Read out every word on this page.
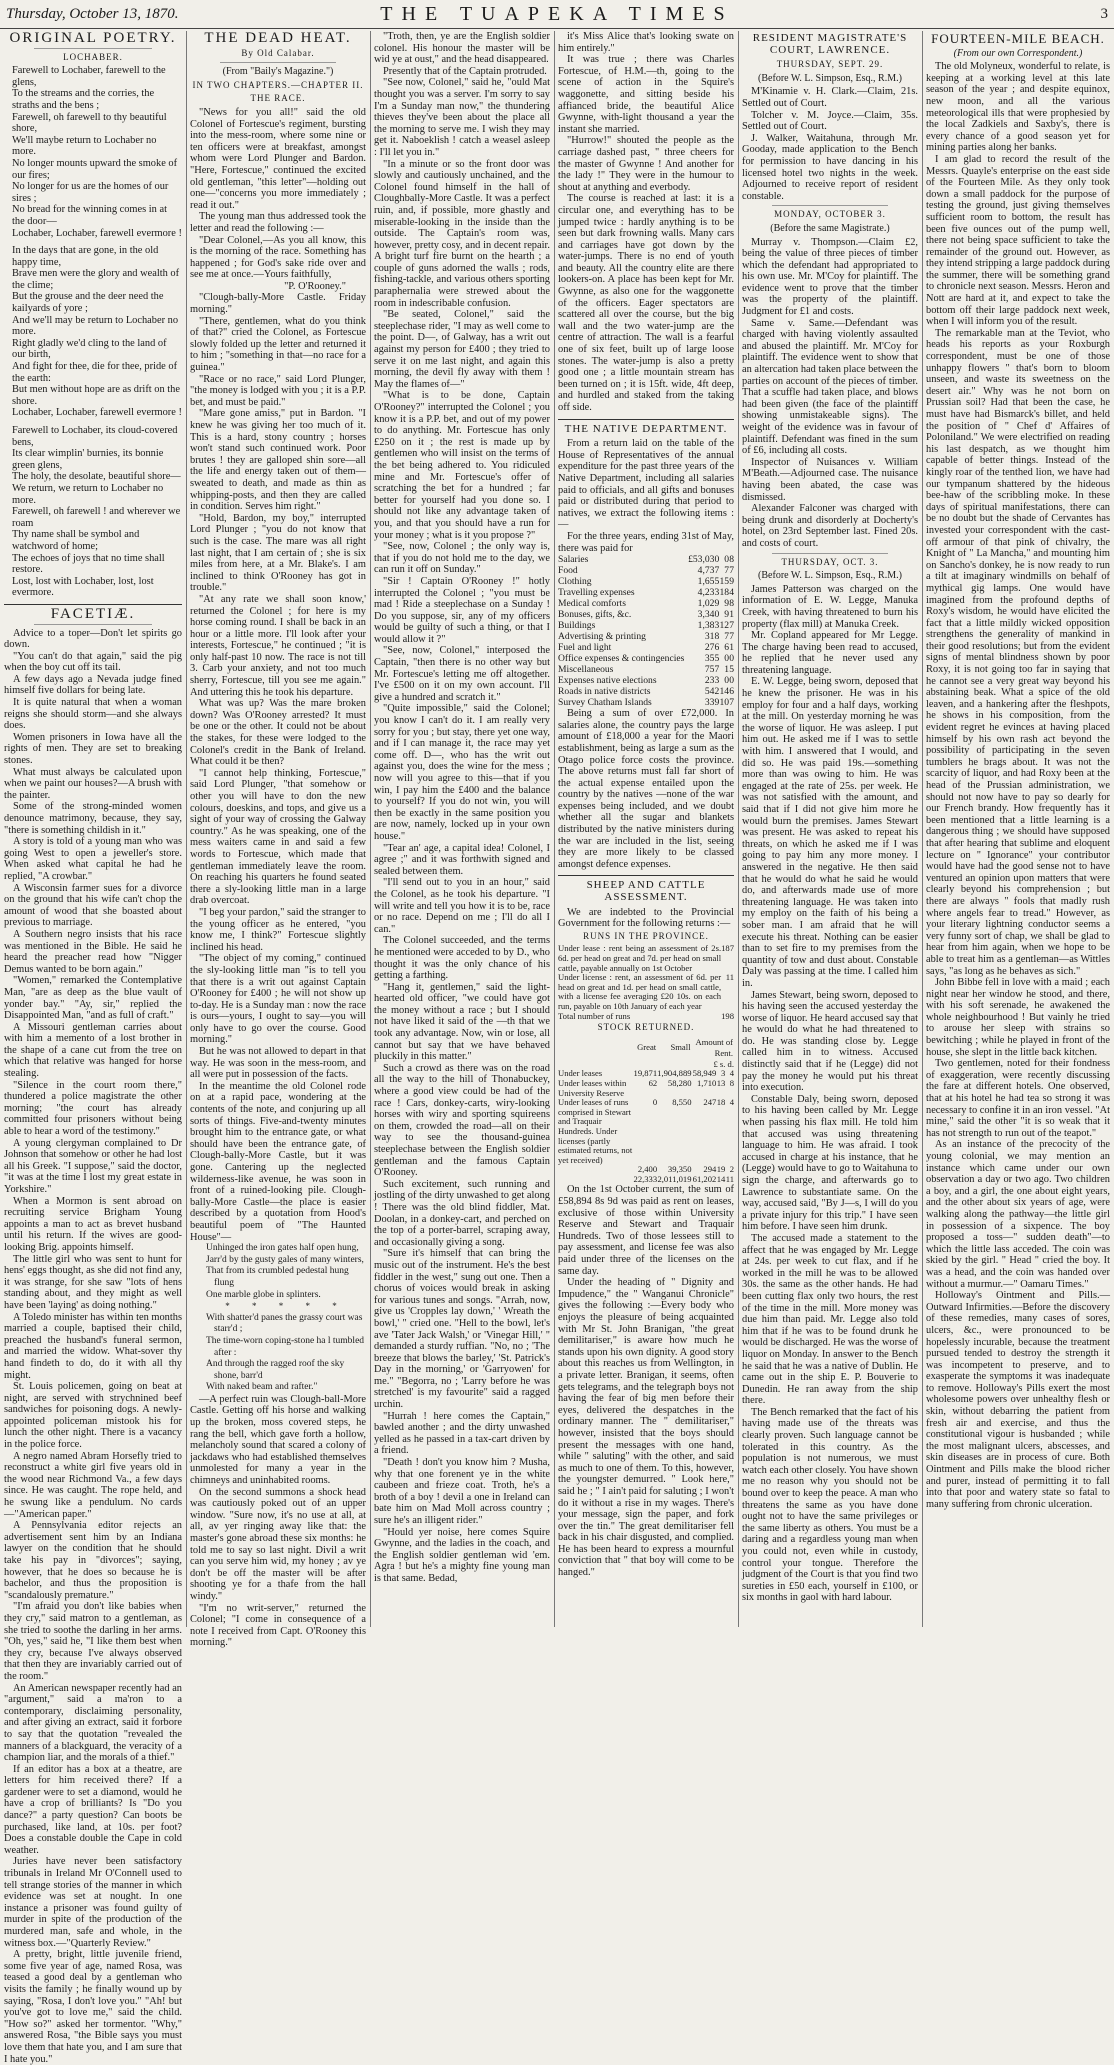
Thursday, October 13, 1870.	THE TUAPEKA TIMES	3
ORIGINAL POETRY.
LOCHABER.

Farewell to Lochaber, farewell to the glens,

To the streams and the corries, the straths and the bens ;

Farewell, oh farewell to thy beautiful shore,

We'll maybe return to Lochaber no more.

No longer mounts upward the smoke of our fires;

No longer for us are the homes of our sires ;

No bread for the winning comes in at the door—

Lochaber, Lochaber, farewell evermore !

In the days that are gone, in the old happy time,

Brave men were the glory and wealth of the clime;

But the grouse and the deer need the kailyards of yore ;

And we'll may be return to Lochaber no more.

Right gladly we'd cling to the land of our birth,

And fight for thee, die for thee, pride of the earth:

But men without hope are as drift on the shore.

Lochaber, Lochaber, farewell evermore !

Farewell to Lochaber, its cloud-covered bens,

Its clear wimplin' burnies, its bonnie green glens,

The holy, the desolate, beautiful shore—

We return, we return to Lochaber no more.

Farewell, oh farewell ! and wherever we roam

Thy name shall be symbol and watchword of home;

The echoes of joys that no time shall restore.

Lost, lost with Lochaber, lost, lost evermore.

FACETIÆ.

Advice to a toper—Don't let spirits go down.

"You can't do that again," said the pig when the boy cut off its tail.

A few days ago a Nevada judge fined himself five dollars for being late.

It is quite natural that when a woman reigns she should storm—and she always does.

Women prisoners in Iowa have all the rights of men. They are set to breaking stones.

What must always be calculated upon when we paint our houses?—A brush with the painter.

Some of the strong-minded women denounce matrimony, because, they say, "there is something childish in it."

A story is told of a young man who was going West to open a jeweller's store. When asked what capital he had he replied, "A crowbar."

A Wisconsin farmer sues for a divorce on the ground that his wife can't chop the amount of wood that she boasted about previous to marriage.

A Southern negro insists that his race was mentioned in the Bible. He said he heard the preacher read how "Nigger Demus wanted to be born again."

"Women," remarked the Contemplative Man, "are as deep as the blue vault of yonder bay." "Ay, sir," replied the Disappointed Man, "and as full of craft."

A Missouri gentleman carries about with him a memento of a lost brother in the shape of a cane cut from the tree on which that relative was hanged for horse stealing.

"Silence in the court room there," thundered a police magistrate the other morning; "the court has already committed four prisoners without being able to hear a word of the testimony."

A young clergyman complained to Dr Johnson that somehow or other he had lost all his Greek. "I suppose," said the doctor, "it was at the time I lost my great estate in Yorkshire."

When a Mormon is sent abroad on recruiting service Brigham Young appoints a man to act as brevet husband until his return. If the wives are good-looking Brig. appoints himself.

The little girl who was sent to hunt for hens' eggs thought, as she did not find any, it was strange, for she saw "lots of hens standing about, and they might as well have been 'laying' as doing nothing."

A Toledo minister has within ten months married a couple, baptised their child, preached the husband's funeral sermon, and married the widow. What-sover thy hand findeth to do, do it with all thy might.

St. Louis policemen, going on beat at night, are served with strychnined beef sandwiches for poisoning dogs. A newly-appointed policeman mistook his for lunch the other night. There is a vacancy in the police force.

A negro named Abram Horsefly tried to reconstruct a white girl five years old in the wood near Richmond Va., a few days since. He was caught. The rope held, and he swung like a pendulum. No cards—"American paper."

A Pennsylvania editor rejects an advertisement sent him by an Indiana lawyer on the condition that he should take his pay in "divorces"; saying, however, that he does so because he is bachelor, and thus the proposition is "scandalously premature."

"I'm afraid you don't like babies when they cry," said matron to a gentleman, as she tried to soothe the darling in her arms. "Oh, yes," said he, "I like them best when they cry, because I've always observed that then they are invariably carried out of the room."

An American newspaper recently had an "argument," said a ma'ron to a contemporary, disclaiming personality, and after giving an extract, said it forbore to say that the quotation "revealed the manners of a blackguard, the veracity of a champion liar, and the morals of a thief."

If an editor has a box at a theatre, are letters for him received there? If a gardener were to set a diamond, would he have a crop of brilliants? Is "Do you dance?" a party question? Can boots be purchased, like land, at 10s. per foot? Does a constable double the Cape in cold weather.

Juries have never been satisfactory tribunals in Ireland Mr O'Connell used to tell strange stories of the manner in which evidence was set at nought. In one instance a prisoner was found guilty of murder in spite of the production of the murdered man, safe and whole, in the witness box.—"Quarterly Review."

A pretty, bright, little juvenile friend, some five year of age, named Rosa, was teased a good deal by a gentleman who visits the family ; he finally wound up by saying, "Rosa, I don't love you." "Ah! but you've got to love me," said the child. "How so?" asked her tormentor. "Why," answered Rosa, "the Bible says you must love them that hate you, and I am sure that I hate you."

THE DEAD HEAT.
By Old Calabar.
(From "Baily's Magazine.")
IN TWO CHAPTERS.—CHAPTER II.
THE RACE.

"News for you all!" said the old Colonel of Fortescue's regiment, bursting into the mess-room, where some nine or ten officers were at breakfast, amongst whom were Lord Plunger and Bardon. "Here, Fortescue," continued the excited old gentleman, "this letter"—holding out one—"concerns you more immediately ; read it out."

The young man thus addressed took the letter and read the following :—

"Dear Colonel,—As you all know, this is the morning of the race. Something has happened ; for God's sake ride over and see me at once.—Yours faithfully,

"P. O'Rooney."

"Clough-bally-More Castle. Friday morning."

"There, gentlemen, what do you think of that?" cried the Colonel, as Fortescue slowly folded up the letter and returned it to him ; "something in that—no race for a guinea."

"Race or no race," said Lord Plunger, "the money is lodged with you ; it is a P.P. bet, and must be paid."

"Mare gone amiss," put in Bardon. "I knew he was giving her too much of it. This is a hard, stony country ; horses won't stand such continued work. Poor brutes ! they are galloped shin sore—all the life and energy taken out of them—sweated to death, and made as thin as whipping-posts, and then they are called in condition. Serves him right."

"Hold, Bardon, my boy," interrupted Lord Plunger ; "you do not know that such is the case. The mare was all right last night, that I am certain of ; she is six miles from here, at a Mr. Blake's. I am inclined to think O'Rooney has got in trouble."

"At any rate we shall soon know,' returned the Colonel ; for here is my horse coming round. I shall be back in an hour or a little more. I'll look after your interests, Fortescue," he continued ; "it is only half-past 10 now. The race is not till 3. Carb your anxiety, and not too much sherry, Fortescue, till you see me again." And uttering this he took his departure.

What was up? Was the mare broken down? Was O'Rooney arrested? It must be one or the other. It could not be about the stakes, for these were lodged to the Colonel's credit in the Bank of Ireland. What could it be then?

"I cannot help thinking, Fortescue," said Lord Plunger, "that somehow or other you will have to don the new colours, doeskins, and tops, and give us a sight of your way of crossing the Galway country." As he was speaking, one of the mess waiters came in and said a few words to Fortescue, which made that gentleman immediately leave the room. On reaching his quarters he found seated there a sly-looking little man in a large drab overcoat.

"I beg your pardon," said the stranger to the young officer as he entered, "you know me, I think?" Fortescue slightly inclined his head.

"The object of my coming," continued the sly-looking little man "is to tell you that there is a writ out against Captain O'Rooney for £400 ; he will not show up to-day. He is a Sunday man : now the race is ours—yours, I ought to say—you will only have to go over the course. Good morning."

But he was not allowed to depart in that way. He was soon in the mess-room, and all were put in possession of the facts.

In the meantime the old Colonel rode on at a rapid pace, wondering at the contents of the note, and conjuring up all sorts of things. Five-and-twenty minutes brought him to the entrance gate, or what should have been the entrance gate, of Clough-bally-More Castle, but it was gone. Cantering up the neglected wilderness-like avenue, he was soon in front of a ruined-looking pile. Clough-bally-More Castle—the place is easier described by a quotation from Hood's beautiful poem of "The Haunted House"—

Unhinged the iron gates half open hung,

Jarr'd by the gusty gales of many winters,

That from its crumbled pedestal hung flung

One marble globe in splinters.

* * * * *

With shatter'd panes the grassy court was starr'd ;

The time-worn coping-stone ha l tumbled after :

And through the ragged roof the sky shone, barr'd

With naked beam and rafter."

—A perfect ruin was Clough-ball-More Castle. Getting off his horse and walking up the broken, moss covered steps, he rang the bell, which gave forth a hollow, melancholy sound that scared a colony of jackdaws who had established themselves unmolested for many a year in the chimneys and uninhabited rooms.

On the second summons a shock head was cautiously poked out of an upper window. "Sure now, it's no use at all, at all, av yer ringing away like that: the master's gone abroad these six months: he told me to say so last night. Divil a writ can you serve him wid, my honey ; av ye don't be off the master will be after shooting ye for a thafe from the hall windy."

"I'm no writ-server," returned the Colonel; "I come in consequence of a note I received from Capt. O'Rooney this morning."

"Troth, then, ye are the English soldier colonel. His honour the master will be wid ye at oust," and the head disappeared.

Presently that of the Captain protruded.

"See now, Colonel," said he, "ould Mat thought you was a server. I'm sorry to say I'm a Sunday man now," the thundering thieves they've been about the place all the morning to serve me. I wish they may get it. Naboeklish ! catch a weasel asleep : I'll let you in."

"In a minute or so the front door was slowly and cautiously unchained, and the Colonel found himself in the hall of Cloughbally-More Castle. It was a perfect ruin, and, if possible, more ghastly and miserable-looking in the inside than the outside. The Captain's room was, however, pretty cosy, and in decent repair. A bright turf fire burnt on the hearth ; a couple of guns adorned the walls ; rods, fishing-tackle, and various others sporting paraphernalia were strewed about the room in indescribable confusion.

"Be seated, Colonel," said the steeplechase rider, "I may as well come to the point. D—, of Galway, has a writ out against my person for £400 ; they tried to serve it on me last night, and again this morning, the devil fly away with them ! May the flames of—"

"What is to be done, Captain O'Rooney?" interrupted the Colonel ; you know it is a P.P. bet, and out of my power to do anything. Mr. Fortescue has only £250 on it ; the rest is made up by gentlemen who will insist on the terms of the bet being adhered to. You ridiculed mine and Mr. Fortescue's offer of scratching the bet for a hundred ; far better for yourself had you done so. I should not like any advantage taken of you, and that you should have a run for your money ; what is it you propose ?"

"See, now, Colonel ; the only way is, that if you do not hold me to the day, we can run it off on Sunday."

"Sir ! Captain O'Rooney !" hotly interrupted the Colonel ; "you must be mad ! Ride a steeplechase on a Sunday ! Do you suppose, sir, any of my officers would be guilty of such a thing, or that I would allow it ?"

"See, now, Colonel," interposed the Captain, "then there is no other way but Mr. Fortescue's letting me off altogether. I've £500 on it on my own account. I'll give a hundred and scratch it."

"Quite impossible," said the Colonel; you know I can't do it. I am really very sorry for you ; but stay, there yet one way, and if I can manage it, the race may yet come off. D—, who has the writ out against you, does the wine for the mess ; now will you agree to this—that if you win, I pay him the £400 and the balance to yourself? If you do not win, you will then be exactly in the same position you are now, namely, locked up in your own house."

"Tear an' age, a capital idea! Colonel, I agree ;" and it was forthwith signed and sealed between them.

"I'll send out to you in an hour," said the Colonel, as he took his departure. "I will write and tell you how it is to be, race or no race. Depend on me ; I'll do all I can."

The Colonel succeeded, and the terms he mentioned were acceded to by D., who thought it was the only chance of his getting a farthing.

"Hang it, gentlemen," said the light-hearted old officer, "we could have got the money without a race ; but I should not have liked it said of the —th that we took any advantage. Now, win or lose, all cannot but say that we have behaved pluckily in this matter."

Such a crowd as there was on the road all the way to the hill of Thonabuckey, where a good view could be had of the race ! Cars, donkey-carts, wiry-looking horses with wiry and sporting squireens on them, crowded the road—all on their way to see the thousand-guinea steeplechase between the English soldier gentleman and the famous Captain O'Rooney.

Such excitement, such running and jostling of the dirty unwashed to get along ! There was the old blind fiddler, Mat. Doolan, in a donkey-cart, and perched on the top of a porter-barrel, scraping away, and occasionally giving a song.

"Sure it's himself that can bring the music out of the instrument. He's the best fiddler in the west," sung out one. Then a chorus of voices would break in asking for various tunes and songs. "Arrah, now, give us 'Cropples lay down,' ' Wreath the bowl,' " cried one. "Hell to the bowl, let's ave 'Tater Jack Walsh,' or 'Vinegar Hill,' " demanded a sturdy ruffian. "No, no ; 'The breeze that blows the barley,' 'St. Patrick's Day in the morning,' or 'Garryowen' for me." "Begorra, no ; 'Larry before he was stretched' is my favourite" said a ragged urchin.

"Hurrah ! here comes the Captain," bawled another ; and the dirty unwashed yelled as he passed in a tax-cart driven by a friend.

"Death ! don't you know him ? Musha, why that one forenent ye in the white caubeen and frieze coat. Troth, he's a broth of a boy ! devil a one in Ireland can bate him on Mad Moll across country ; sure he's an illigent rider."

"Hould yer noise, here comes Squire Gwynne, and the ladies in the coach, and the English soldier gentleman wid 'em. Agra ! but he's a mighty fine young man is that same. Bedad,

it's Miss Alice that's looking swate on him entirely."

It was true ; there was Charles Fortescue, of H.M.—th, going to the scene of action in the Squire's waggonette, and sitting beside his affianced bride, the beautiful Alice Gwynne, with-light thousand a year the instant she married.

"Hurrow!" shouted the people as the carriage dashed past, " three cheers for the master of Gwynne ! And another for the lady !" They were in the humour to shout at anything and everbody.

The course is reached at last: it is a circular one, and everything has to be jumped twice : hardly anything is to be seen but dark frowning walls. Many cars and carriages have got down by the water-jumps. There is no end of youth and beauty. All the country elite are there lookers-on. A place has been kept for Mr. Gwynne, as also one for the waggonette of the officers. Eager spectators are scattered all over the course, but the big wall and the two water-jump are the centre of attraction. The wall is a fearful one of six feet, built up of large loose stones. The water-jump is also a pretty good one ; a little mountain stream has been turned on ; it is 15ft. wide, 4ft deep, and hurdled and staked from the taking off side.

THE NATIVE DEPARTMENT.

From a return laid on the table of the House of Representatives of the annual expenditure for the past three years of the Native Department, including all salaries paid to officials, and all gifts and bonuses paid or distributed during that period to natives, we extract the following items :—

For the three years, ending 31st of May, there was paid for

Salaries	£53,030	0	8
Food	4,737	7	7
Clothing	1,655	15	9
Travelling expenses	4,233	18	4
Medical comforts	1,029	9	8
Bonuses, gifts, &c.	3,340	9	1
Buildings	1,383	12	7
Advertising & printing	318	7	7
Fuel and light	276	6	1
Office expenses & contingencies	355	0	0
Miscellaneous	757	1	5
Expenses native elections	233	0	0
Roads in native districts	542	14	6
Survey Chatham Islands	339	10	7

Being a sum of over £72,000. In salaries alone, the country pays the large amount of £18,000 a year for the Maori establishment, being as large a sum as the Otago police force costs the province. The above returns must fall far short of the actual expense entailed upon the country by the natives —none of the war expenses being included, and we doubt whether all the sugar and blankets distributed by the native ministers during the war are included in the list, seeing they are more likely to be classed amongst defence expenses.

SHEEP AND CATTLE ASSESSMENT.

We are indebted to the Provincial Government for the following returns :—

RUNS IN THE PROVINCE.
Under lease : rent being an assessment of 2s. 6d. per head on great and 7d. per head on small cattle, payable annually on 1st October	187
Under license : rent, an assessment of 6d. per head on great and 1d. per head on small cattle, with a license fee averaging £20 10s. on each run, payable on 10th January of each year	11
Total number of runs	198
STOCK RETURNED.
	Great	Small	Amount of Rent.		
			£ s. d.		
Under leases	19,871	1,904,889	58,949	3	4
Under leases within University Reserve	62	58,280	1,710	13	8
Under leases of runs comprised in Stewart and Traquair Hundreds. Under licenses (partly estimated returns, not yet received)	0	8,550	247	18	4
	2,400	39,350	294	19	2
	22,333	2,011,019	61,202	14	11

On the 1st October current, the sum of £58,894 8s 9d was paid as rent on leases, exclusive of those within University Reserve and Stewart and Traquair Hundreds. Two of those lessees still to pay assessment, and license fee was also paid under three of the licenses on the same day.

Under the heading of " Dignity and Impudence," the " Wanganui Chronicle" gives the following :—Every body who enjoys the pleasure of being acquainted with Mr St. John Branigan, "the great demilitariser," is aware how much he stands upon his own dignity. A good story about this reaches us from Wellington, in a private letter. Branigan, it seems, often gets telegrams, and the telegraph boys not having the fear of big men before their eyes, delivered the despatches in the ordinary manner. The " demilitariser," however, insisted that the boys should present the messages with one hand, while " saluting" with the other, and said as much to one of them. To this, however, the youngster demurred. " Look here," said he ; " I ain't paid for saluting ; I won't do it without a rise in my wages. There's your message, sign the paper, and fork over the tin." The great demilitariser fell back in his chair disgusted, and complied. He has been heard to express a mournful conviction that " that boy will come to be hanged."

RESIDENT MAGISTRATE'S COURT, LAWRENCE.
THURSDAY, SEPT. 29.
(Before W. L. Simpson, Esq., R.M.)

M'Kinamie v. H. Clark.—Claim, 21s. Settled out of Court.

Tolcher v. M. Joyce.—Claim, 35s. Settled out of Court.

J. Walker, Waitahuna, through Mr. Gooday, made application to the Bench for permission to have dancing in his licensed hotel two nights in the week. Adjourned to receive report of resident constable.

MONDAY, OCTOBER 3.
(Before the same Magistrate.)

Murray v. Thompson.—Claim £2, being the value of three pieces of timber which the defendant had appropriated to his own use. Mr. M'Coy for plaintiff. The evidence went to prove that the timber was the property of the plaintiff. Judgment for £1 and costs.

Same v. Same.—Defendant was charged with having violently assaulted and abused the plaintiff. Mr. M'Coy for plaintiff. The evidence went to show that an altercation had taken place between the parties on account of the pieces of timber. That a scuffle had taken place, and blows had been given (the face of the plaintiff showing unmistakeable signs). The weight of the evidence was in favour of plaintiff. Defendant was fined in the sum of £6, including all costs.

Inspector of Nuisances v. William M'Beath.—Adjourned case. The nuisance having been abated, the case was dismissed.

Alexander Falconer was charged with being drunk and disorderly at Docherty's hotel, on 23rd September last. Fined 20s. and costs of court.

THURSDAY, OCT. 3.
(Before W. L. Simpson, Esq., R.M.)

James Patterson was charged on the information of E. W. Legge, Manuka Creek, with having threatened to burn his property (flax mill) at Manuka Creek.

Mr. Copland appeared for Mr Legge. The charge having been read to accused, he replied that he never used any threatening language.

E. W. Legge, being sworn, deposed that he knew the prisoner. He was in his employ for four and a half days, working at the mill. On yesterday morning he was the worse of liquor. He was asleep. I put him out. He asked me if I was to settle with him. I answered that I would, and did so. He was paid 19s.—something more than was owing to him. He was engaged at the rate of 25s. per week. He was not satisfied with the amount, and said that if I did not give him more he would burn the premises. James Stewart was present. He was asked to repeat his threats, on which he asked me if I was going to pay him any more money. I answered in the negative. He then said that he would do what he said he would do, and afterwards made use of more threatening language. He was taken into my employ on the faith of his being a sober man. I am afraid that he will execute his threat. Nothing can be easier than to set fire to my premises from the quantity of tow and dust about. Constable Daly was passing at the time. I called him in.

James Stewart, being sworn, deposed to his having seen the accused yesterday the worse of liquor. He heard accused say that he would do what he had threatened to do. He was standing close by. Legge called him in to witness. Accused distinctly said that if he (Legge) did not pay the money he would put his threat into execution.

Constable Daly, being sworn, deposed to his having been called by Mr. Legge when passing his flax mill. He told him that accused was using threatening language to him. He was afraid. I took accused in charge at his instance, that he (Legge) would have to go to Waitahuna to sign the charge, and afterwards go to Lawrence to substantiate same. On the way, accused said, "By J—s, I will do you a private injury for this trip." I have seen him before. I have seen him drunk.

The accused made a statement to the affect that he was engaged by Mr. Legge at 24s. per week to cut flax, and if he worked in the mill he was to be allowed 30s. the same as the other hands. He had been cutting flax only two hours, the rest of the time in the mill. More money was due him than paid. Mr. Legge also told him that if he was to be found drunk he would be discharged. He was the worse of liquor on Monday. In answer to the Bench he said that he was a native of Dublin. He came out in the ship E. P. Bouverie to Dunedin. He ran away from the ship there.

The Bench remarked that the fact of his having made use of the threats was clearly proven. Such language cannot be tolerated in this country. As the population is not numerous, we must watch each other closely. You have shown me no reason why you should not be bound over to keep the peace. A man who threatens the same as you have done ought not to have the same privileges or the same liberty as others. You must be a daring and a regardless young man when you could not, even while in custody, control your tongue. Therefore the judgment of the Court is that you find two sureties in £50 each, yourself in £100, or six months in gaol with hard labour.

FOURTEEN-MILE BEACH.
(From our own Correspondent.)

The old Molyneux, wonderful to relate, is keeping at a working level at this late season of the year ; and despite equinox, new moon, and all the various meteorological ills that were prophesied by the local Zadkiels and Saxby's, there is every chance of a good season yet for mining parties along her banks.

I am glad to record the result of the Messrs. Quayle's enterprise on the east side of the Fourteen Mile. As they only took down a small paddock for the purpose of testing the ground, just giving themselves sufficient room to bottom, the result has been five ounces out of the pump well, there not being space sufficient to take the remainder of the ground out. However, as they intend stripping a large paddock during the summer, there will be something grand to chronicle next season. Messrs. Heron and Nott are hard at it, and expect to take the bottom off their large paddock next week, when I will inform you of the result.

The remarkable man at the Teviot, who heads his reports as your Roxburgh correspondent, must be one of those unhappy flowers " that's born to bloom unseen, and waste its sweetness on the desert air." Why was he not born on Prussian soil? Had that been the case, he must have had Bismarck's billet, and held the position of " Chef d' Affaires of Poloniland." We were electrified on reading his last despatch, as we thought him capable of better things. Instead of the kingly roar of the tenthed lion, we have had our tympanum shattered by the hideous bee-haw of the scribbling moke. In these days of spiritual manifestations, there can be no doubt but the shade of Cervantes has invested your correspondent with the cast-off armour of that pink of chivalry, the Knight of " La Mancha," and mounting him on Sancho's donkey, he is now ready to run a tilt at imaginary windmills on behalf of mythical gig lamps. One would have imagined from the profound depths of Roxy's wisdom, he would have elicited the fact that a little mildly wicked opposition strengthens the generality of mankind in their good resolutions; but from the evident signs of mental blindness shown by poor Roxy, it is not going too far in saying that he cannot see a very great way beyond his abstaining beak. What a spice of the old leaven, and a hankering after the fleshpots, he shows in his composition, from the evident regret he evinces at having placed himself by his own rash act beyond the possibility of participating in the seven tumblers he brags about. It was not the scarcity of liquor, and had Roxy been at the head of the Prussian administration, we should not now have to pay so dearly for our French brandy. How frequently has it been mentioned that a little learning is a dangerous thing ; we should have supposed that after hearing that sublime and eloquent lecture on " Ignorance" your contributor would have had the good sense not to have ventured an opinion upon matters that were clearly beyond his comprehension ; but there are always " fools that madly rush where angels fear to tread." However, as your literary lightning conductor seems a very funny sort of chap, we shall be glad to hear from him again, when we hope to be able to treat him as a gentleman—as Wittles says, "as long as he behaves as sich."

John Bibbe fell in love with a maid ; each night near her window he stood, and there, with his soft serenade, he awakened the whole neighbourhood ! But vainly he tried to arouse her sleep with strains so bewitching ; while he played in front of the house, she slept in the little back kitchen.

Two gentlemen, noted for their fondness of exaggeration, were recently discussing the fare at different hotels. One observed, that at his hotel he had tea so strong it was necessary to confine it in an iron vessel. "At mine," said the other "it is so weak that it has not strength to run out of the teapot."

As an instance of the precocity of the young colonial, we may mention an instance which came under our own observation a day or two ago. Two children a boy, and a girl, the one about eight years, and the other about six years of age, were walking along the pathway—the little girl in possession of a sixpence. The boy proposed a toss—" sudden death"—to which the little lass acceded. The coin was skied by the girl. " Head " cried the boy. It was a head, and the coin was handed over without a murmur.—" Oamaru Times."

Holloway's Ointment and Pills.—Outward Infirmities.—Before the discovery of these remedies, many cases of sores, ulcers, &c., were pronounced to be hopelessly incurable, because the treatment pursued tended to destroy the strength it was incompetent to preserve, and to exasperate the symptoms it was inadequate to remove. Holloway's Pills exert the most wholesome powers over unhealthy flesh or skin, without debarring the patient from fresh air and exercise, and thus the constitutional vigour is husbanded ; while the most malignant ulcers, abscesses, and skin diseases are in process of cure. Both Ointment and Pills make the blood richer and purer, instead of permitting it to fall into that poor and watery state so fatal to many suffering from chronic ulceration.
